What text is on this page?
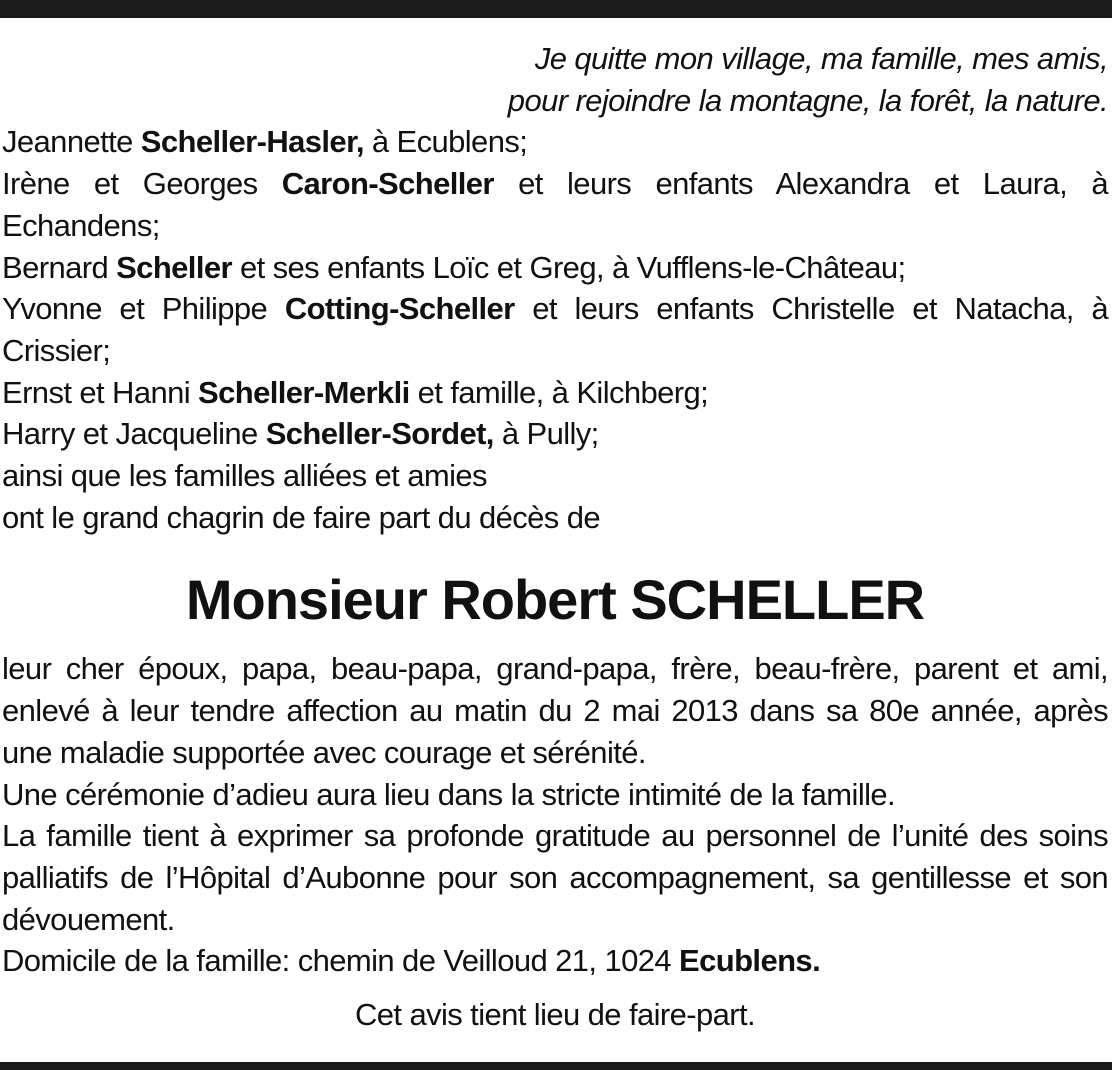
Je quitte mon village, ma famille, mes amis,
pour rejoindre la montagne, la forêt, la nature.

Jeannette Scheller-Hasler, à Ecublens;

Irène et Georges Caron-Scheller et leurs enfants Alexandra et Laura, à Echandens;

Bernard Scheller et ses enfants Loïc et Greg, à Vufflens-le-Château;

Yvonne et Philippe Cotting-Scheller et leurs enfants Christelle et Natacha, à Crissier;

Ernst et Hanni Scheller-Merkli et famille, à Kilchberg;

Harry et Jacqueline Scheller-Sordet, à Pully;

ainsi que les familles alliées et amies

ont le grand chagrin de faire part du décès de

Monsieur Robert SCHELLER

leur cher époux, papa, beau-papa, grand-papa, frère, beau-frère, parent et ami, enlevé à leur tendre affection au matin du 2 mai 2013 dans sa 80e année, après une maladie supportée avec courage et sérénité.

Une cérémonie d’adieu aura lieu dans la stricte intimité de la famille.

La famille tient à exprimer sa profonde gratitude au personnel de l’unité des soins palliatifs de l’Hôpital d’Aubonne pour son accompagnement, sa gentillesse et son dévouement.

Domicile de la famille: chemin de Veilloud 21, 1024 Ecublens.

Cet avis tient lieu de faire-part.
